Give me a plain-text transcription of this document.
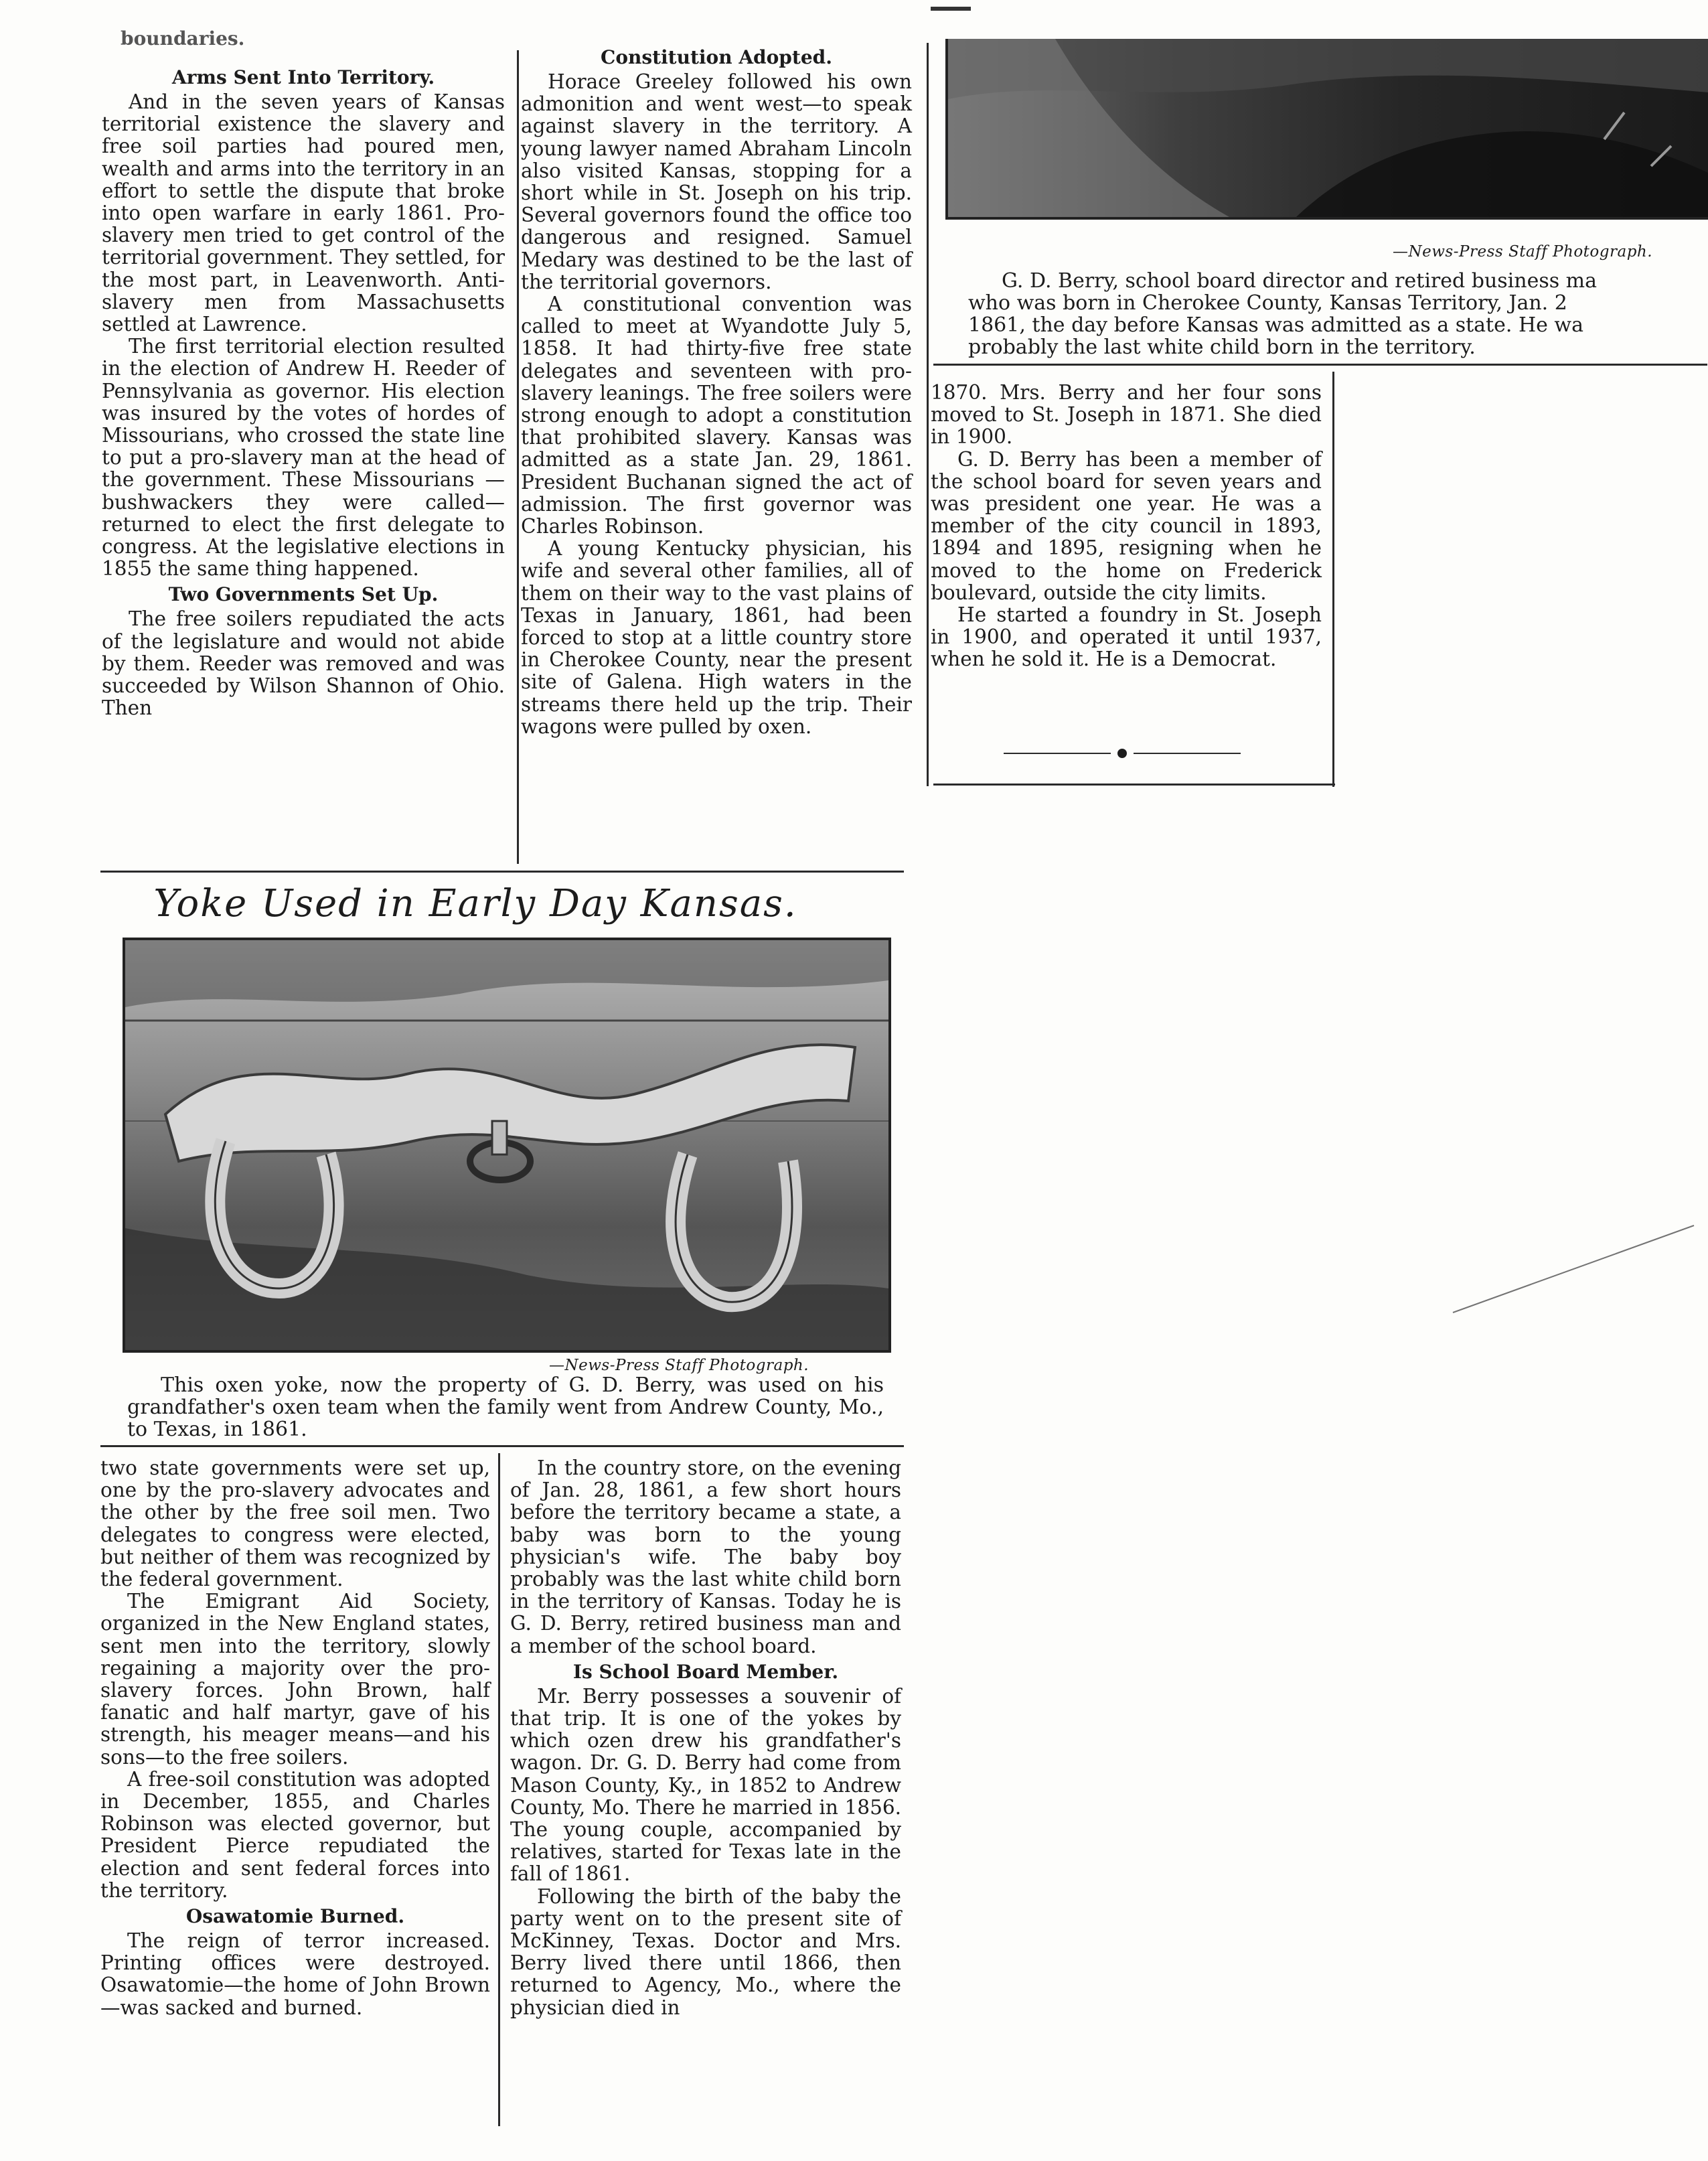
boundaries.
Arms Sent Into Territory.

And in the seven years of Kansas territorial existence the slavery and free soil parties had poured men, wealth and arms into the territory in an effort to settle the dispute that broke into open warfare in early 1861. Pro-slavery men tried to get control of the territorial government. They settled, for the most part, in Leavenworth. Anti-slavery men from Massachusetts settled at Lawrence.

The first territorial election resulted in the election of Andrew H. Reeder of Pennsylvania as governor. His election was insured by the votes of hordes of Missourians, who crossed the state line to put a pro-slavery man at the head of the government. These Missourians — bushwackers they were called—returned to elect the first delegate to congress. At the legislative elections in 1855 the same thing happened.

Two Governments Set Up.

The free soilers repudiated the acts of the legislature and would not abide by them. Reeder was removed and was succeeded by Wilson Shannon of Ohio. Then

Constitution Adopted.

Horace Greeley followed his own admonition and went west—to speak against slavery in the territory. A young lawyer named Abraham Lincoln also visited Kansas, stopping for a short while in St. Joseph on his trip. Several governors found the office too dangerous and resigned. Samuel Medary was destined to be the last of the territorial governors.

A constitutional convention was called to meet at Wyandotte July 5, 1858. It had thirty-five free state delegates and seventeen with pro-slavery leanings. The free soilers were strong enough to adopt a constitution that prohibited slavery. Kansas was admitted as a state Jan. 29, 1861. President Buchanan signed the act of admission. The first governor was Charles Robinson.

A young Kentucky physician, his wife and several other families, all of them on their way to the vast plains of Texas in January, 1861, had been forced to stop at a little country store in Cherokee County, near the present site of Galena. High waters in the streams there held up the trip. Their wagons were pulled by oxen.

—News-Press Staff Photograph.
G. D. Berry, school board director and retired business ma
who was born in Cherokee County, Kansas Territory, Jan. 2
1861, the day before Kansas was admitted as a state. He wa
probably the last white child born in the territory.

1870. Mrs. Berry and her four sons moved to St. Joseph in 1871. She died in 1900.

G. D. Berry has been a member of the school board for seven years and was president one year. He was a member of the city council in 1893, 1894 and 1895, resigning when he moved to the home on Frederick boulevard, outside the city limits.

He started a foundry in St. Joseph in 1900, and operated it until 1937, when he sold it. He is a Democrat.

Yoke Used in Early Day Kansas.
—News-Press Staff Photograph.
This oxen yoke, now the property of G. D. Berry, was used on his grandfather's oxen team when the family went from Andrew County, Mo., to Texas, in 1861.

two state governments were set up, one by the pro-slavery advocates and the other by the free soil men. Two delegates to congress were elected, but neither of them was recognized by the federal government.

The Emigrant Aid Society, organized in the New England states, sent men into the territory, slowly regaining a majority over the pro-slavery forces. John Brown, half fanatic and half martyr, gave of his strength, his meager means—and his sons—to the free soilers.

A free-soil constitution was adopted in December, 1855, and Charles Robinson was elected governor, but President Pierce repudiated the election and sent federal forces into the territory.

Osawatomie Burned.

The reign of terror increased. Printing offices were destroyed. Osawatomie—the home of John Brown—was sacked and burned.

In the country store, on the evening of Jan. 28, 1861, a few short hours before the territory became a state, a baby was born to the young physician's wife. The baby boy probably was the last white child born in the territory of Kansas. Today he is G. D. Berry, retired business man and a member of the school board.

Is School Board Member.

Mr. Berry possesses a souvenir of that trip. It is one of the yokes by which ozen drew his grandfather's wagon. Dr. G. D. Berry had come from Mason County, Ky., in 1852 to Andrew County, Mo. There he married in 1856. The young couple, accompanied by relatives, started for Texas late in the fall of 1861.

Following the birth of the baby the party went on to the present site of McKinney, Texas. Doctor and Mrs. Berry lived there until 1866, then returned to Agency, Mo., where the physician died in
